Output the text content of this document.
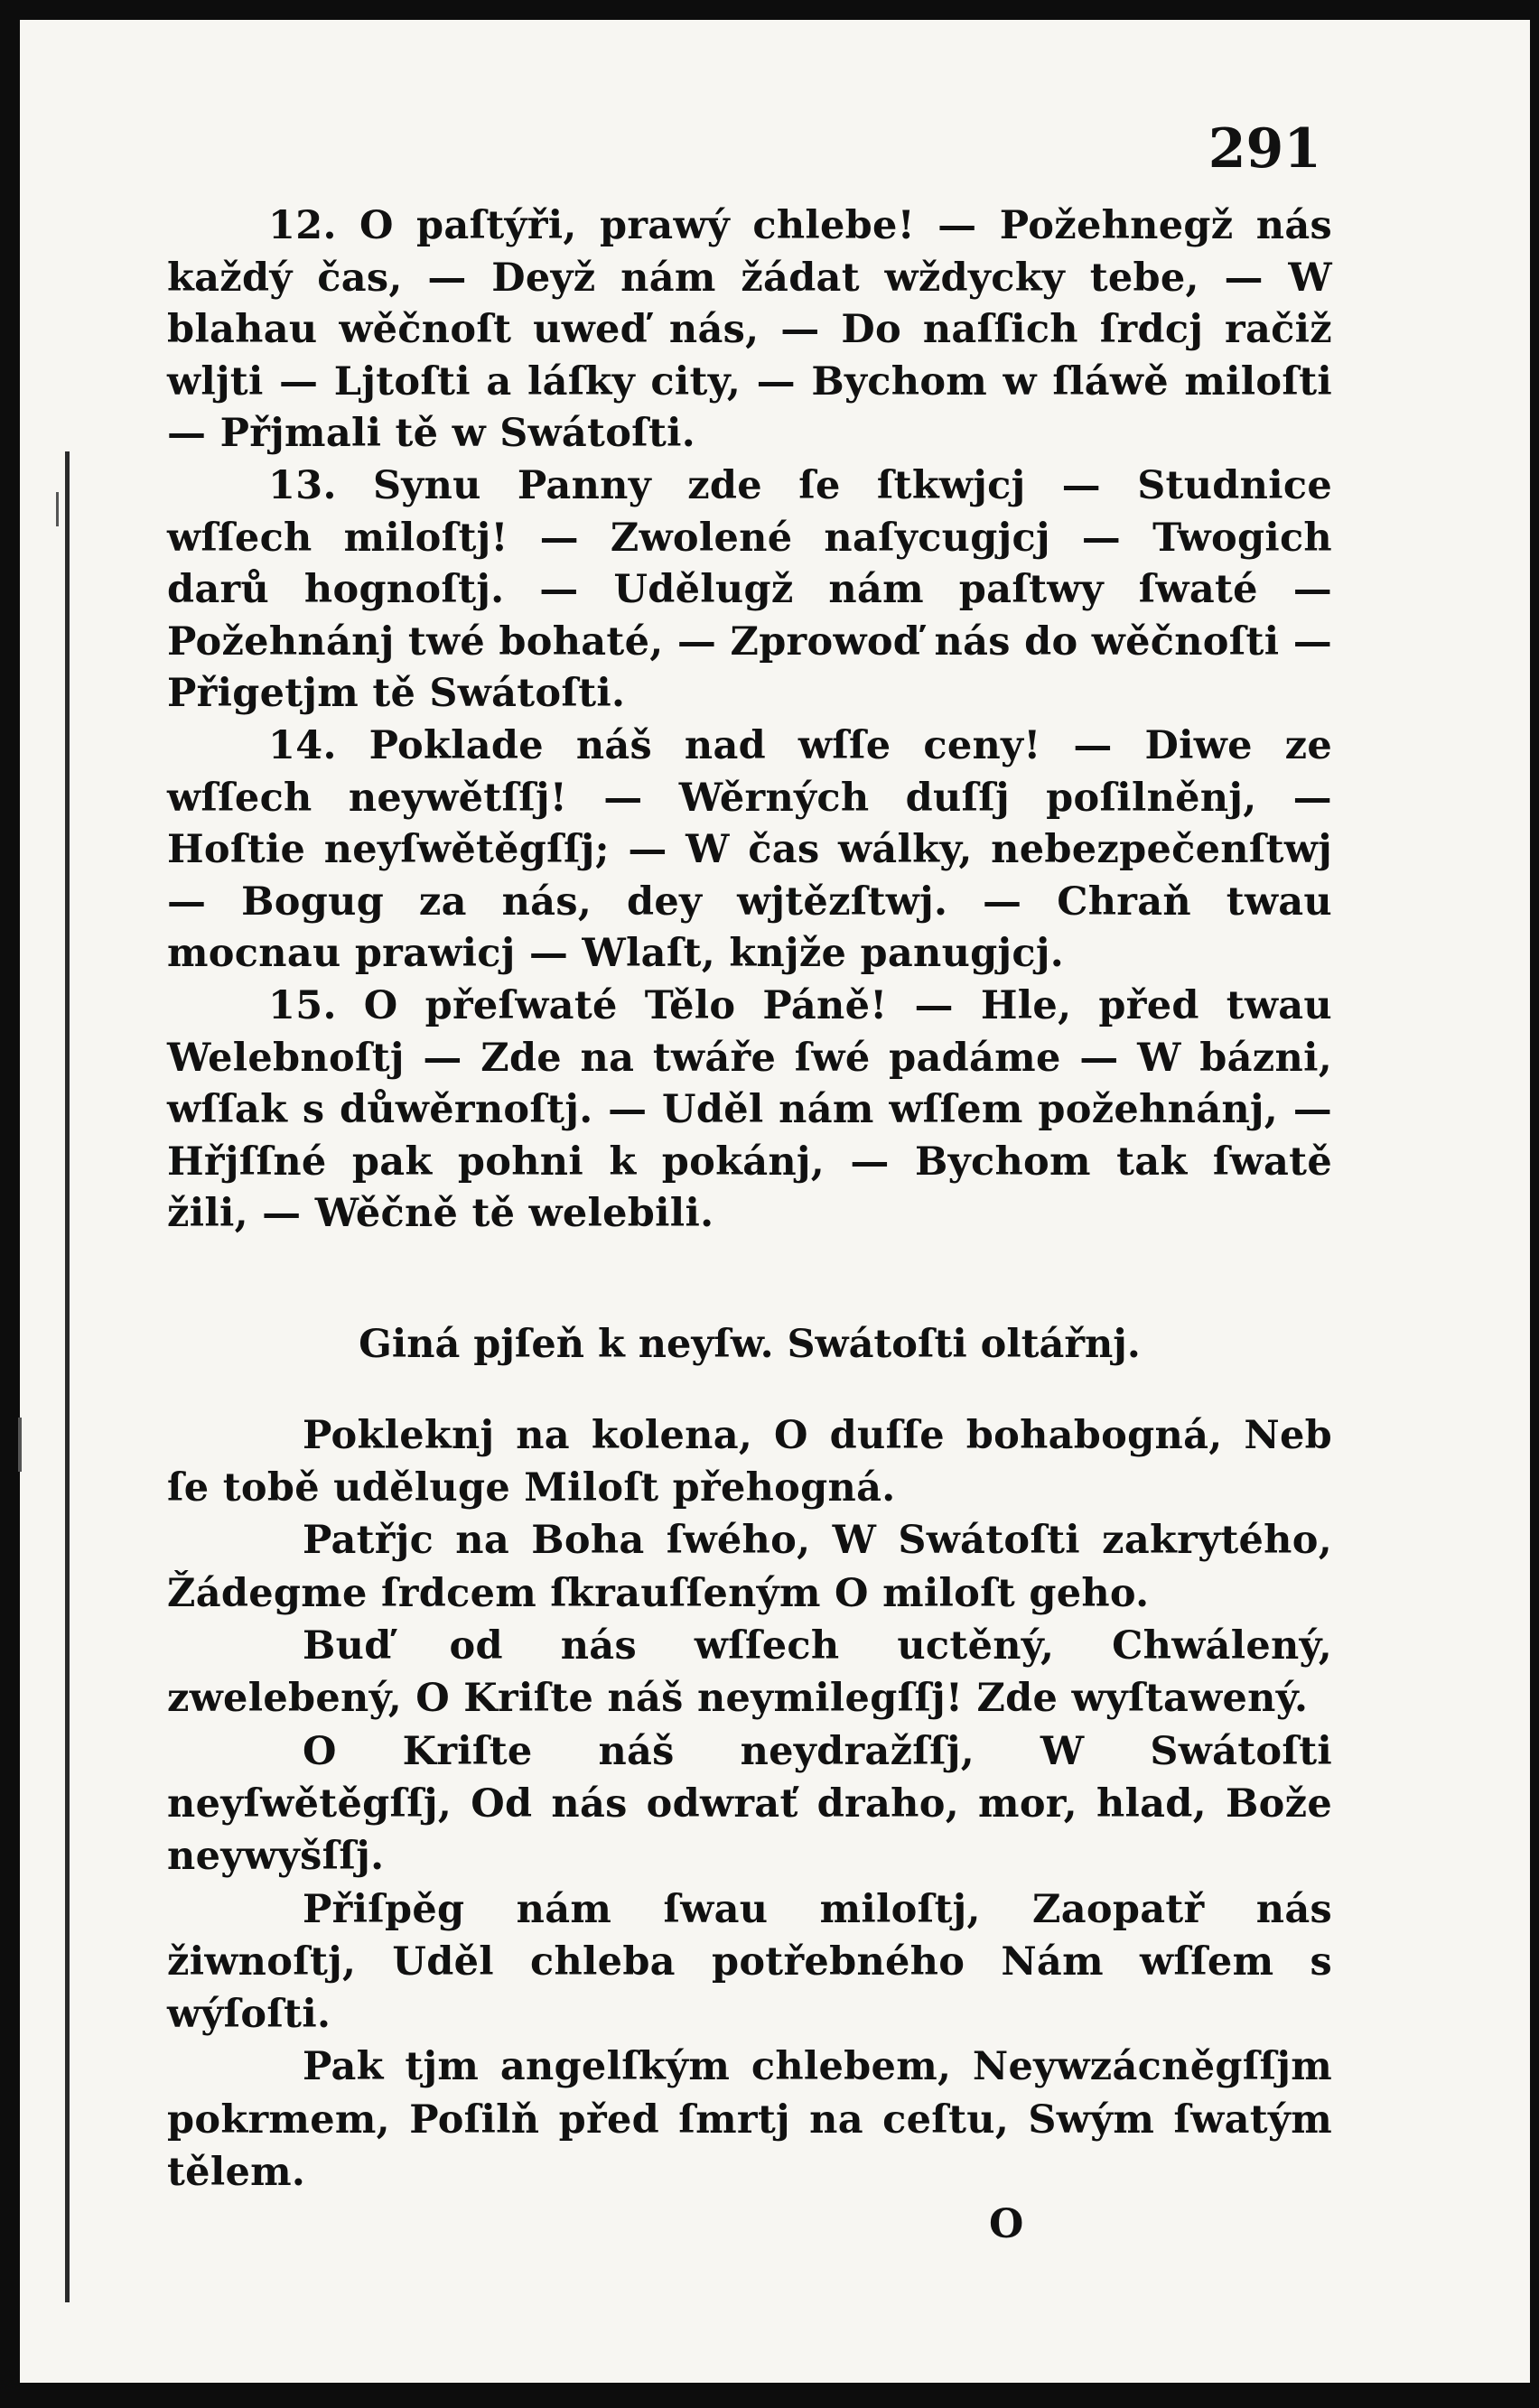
291

12. O paſtýři, prawý chlebe! — Požehnegž nás každý čas, — Deyž nám žádat wždycky tebe, — W blahau wěčnoſt uweď nás, — Do naſſich ſrdcj račiž wljti — Ljtoſti a láſky city, — Bychom w ſláwě miloſti — Přjmali tě w Swátoſti.

13. Synu Panny zde ſe ſtkwjcj — Studnice wſſech miloſtj! — Zwolené naſycugjcj — Twogich darů hognoſtj. — Udělugž nám paſtwy ſwaté — Požehnánj twé bohaté, — Zprowoď nás do wěčnoſti — Přigetjm tě Swátoſti.

14. Poklade náš nad wſſe ceny! — Diwe ze wſſech neywětſſj! — Wěrných duſſj poſilněnj, — Hoſtie neyſwětěgſſj; — W čas wálky, nebezpečenſtwj — Bogug za nás, dey wjtězſtwj. — Chraň twau mocnau prawicj — Wlaſt, knjže panugjcj.

15. O přeſwaté Tělo Páně! — Hle, před twau Welebnoſtj — Zde na twáře ſwé padáme — W bázni, wſſak s důwěrnoſtj. — Uděl nám wſſem požehnánj, — Hřjſſné pak pohni k pokánj, — Bychom tak ſwatě žili, — Wěčně tě welebili.

Giná pjſeň k neyſw. Swátoſti oltářnj.

Pokleknj na kolena, O duſſe bohabogná, Neb ſe tobě uděluge Miloſt přehogná.

Patřjc na Boha ſwého, W Swátoſti zakrytého, Žádegme ſrdcem ſkrauſſeným O miloſt geho.

Buď od nás wſſech uctěný, Chwálený, zwelebený, O Kriſte náš neymilegſſj! Zde wyſtawený.

O Kriſte náš neydražſſj, W Swátoſti neyſwětěgſſj, Od nás odwrať draho, mor, hlad, Bože neywyšſſj.

Přiſpěg nám ſwau miloſtj, Zaopatř nás žiwnoſtj, Uděl chleba potřebného Nám wſſem s wýſoſti.

Pak tjm angelſkým chlebem, Neywzácněgſſjm pokrmem, Poſilň před ſmrtj na ceſtu, Swým ſwatým tělem.

O
